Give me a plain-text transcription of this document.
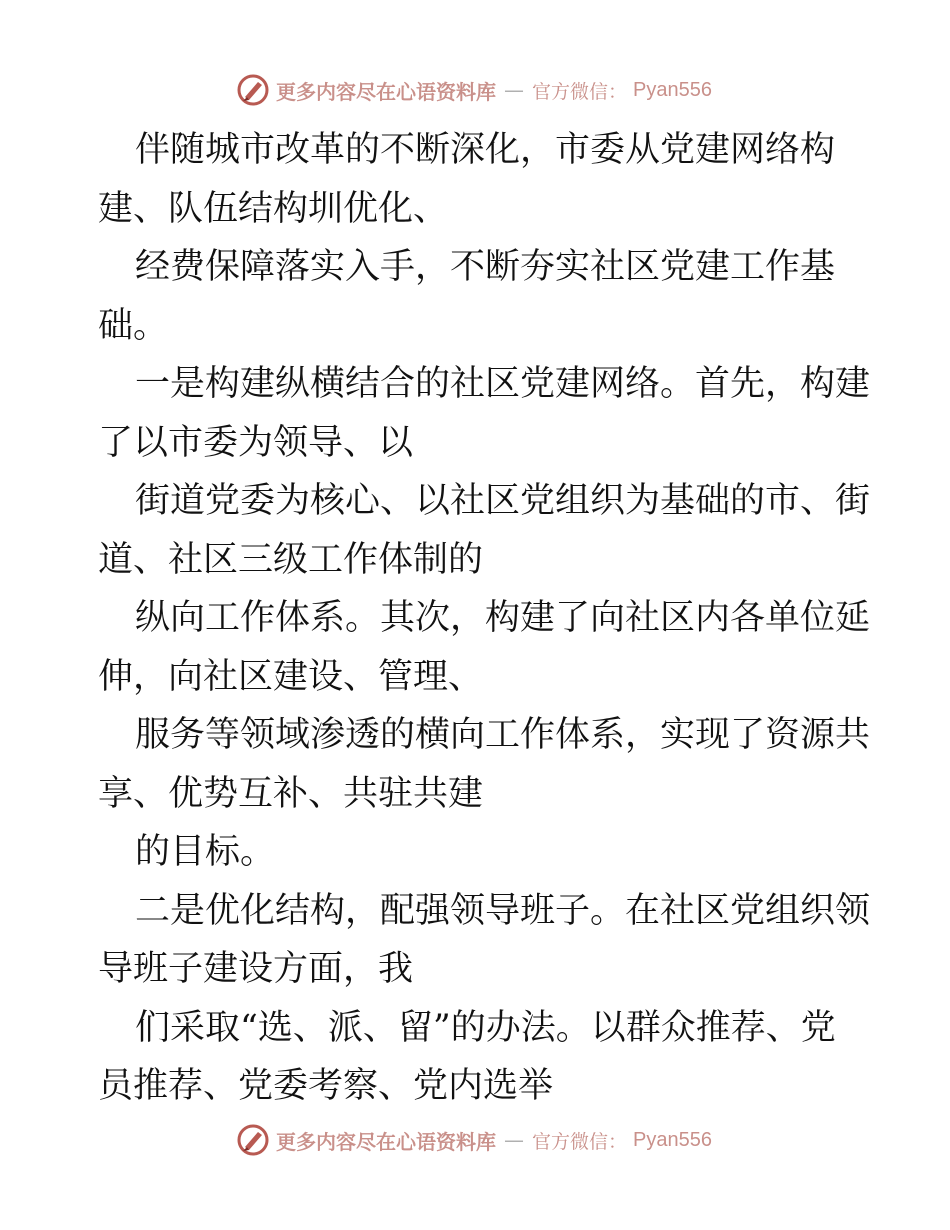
更多内容尽在心语资料库 — 官方微信： Pyan556
伴随城市改革的不断深化，市委从党建网络构
建、队伍结构圳优化、
经费保障落实入手，不断夯实社区党建工作基
础。
一是构建纵横结合的社区党建网络。首先，构建
了以市委为领导、以
街道党委为核心、以社区党组织为基础的市、街
道、社区三级工作体制的
纵向工作体系。其次，构建了向社区内各单位延
伸，向社区建设、管理、
服务等领域渗透的横向工作体系，实现了资源共
享、优势互补、共驻共建
的目标。
二是优化结构，配强领导班子。在社区党组织领
导班子建设方面，我
们采取“选、派、留”的办法。以群众推荐、党
员推荐、党委考察、党内选举
更多内容尽在心语资料库 — 官方微信： Pyan556
